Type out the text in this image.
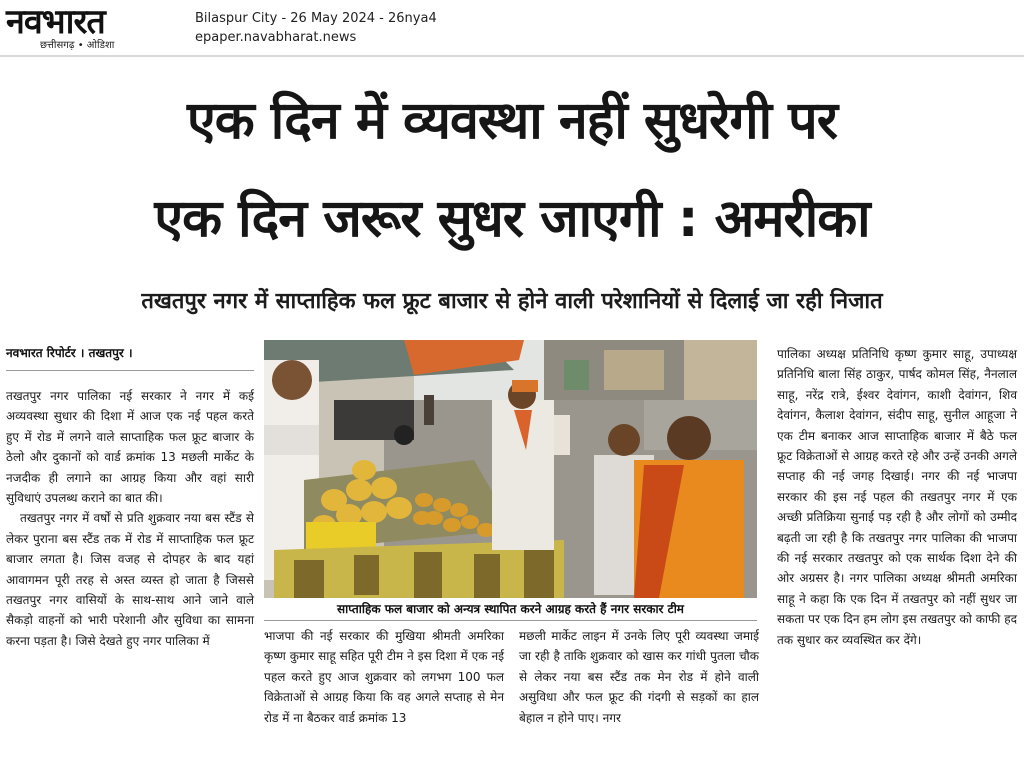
नवभारत
छत्तीसगढ़ • ओडिशा
Bilaspur City - 26 May 2024 - 26nya4
epaper.navabharat.news
एक दिन में व्यवस्था नहीं सुधरेगी पर
एक दिन जरूर सुधर जाएगी : अमरीका
तखतपुर नगर में साप्ताहिक फल फ्रूट बाजार से होने वाली परेशानियों से दिलाई जा रही निजात
नवभारत रिपोर्टर । तखतपुर ।

तखतपुर नगर पालिका नई सरकार ने नगर में कई अव्यवस्था सुधार की दिशा में आज एक नई पहल करते हुए में रोड में लगने वाले साप्ताहिक फल फ्रूट बाजार के ठेलो और दुकानों को वार्ड क्रमांक 13 मछली मार्केट के नजदीक ही लगाने का आग्रह किया और वहां सारी सुविधाएं उपलब्ध कराने का बात की।

तखतपुर नगर में वर्षों से प्रति शुक्रवार नया बस स्टैंड से लेकर पुराना बस स्टैंड तक में रोड में साप्ताहिक फल फ्रूट बाजार लगता है। जिस वजह से दोपहर के बाद यहां आवागमन पूरी तरह से अस्त व्यस्त हो जाता है जिससे तखतपुर नगर वासियों के साथ-साथ आने जाने वाले सैकड़ो वाहनों को भारी परेशानी और सुविधा का सामना करना पड़ता है। जिसे देखते हुए नगर पालिका में

साप्ताहिक फल बाजार को अन्यत्र स्थापित करने आग्रह करते हैं नगर सरकार टीम

भाजपा की नई सरकार की मुखिया श्रीमती अमरिका कृष्ण कुमार साहू सहित पूरी टीम ने इस दिशा में एक नई पहल करते हुए आज शुक्रवार को लगभग 100 फल विक्रेताओं से आग्रह किया कि वह अगले सप्ताह से मेन रोड में ना बैठकर वार्ड क्रमांक 13

मछली मार्केट लाइन में उनके लिए पूरी व्यवस्था जमाई जा रही है ताकि शुक्रवार को खास कर गांधी पुतला चौक से लेकर नया बस स्टैंड तक मेन रोड में होने वाली असुविधा और फल फ्रूट की गंदगी से सड़कों का हाल बेहाल न होने पाए। नगर

पालिका अध्यक्ष प्रतिनिधि कृष्ण कुमार साहू, उपाध्यक्ष प्रतिनिधि बाला सिंह ठाकुर, पार्षद कोमल सिंह, नैनलाल साहू, नरेंद्र रात्रे, ईश्वर देवांगन, काशी देवांगन, शिव देवांगन, कैलाश देवांगन, संदीप साहू, सुनील आहूजा ने एक टीम बनाकर आज साप्ताहिक बाजार में बैठे फल फ्रूट विक्रेताओं से आग्रह करते रहे और उन्हें उनकी अगले सप्ताह की नई जगह दिखाई। नगर की नई भाजपा सरकार की इस नई पहल की तखतपुर नगर में एक अच्छी प्रतिक्रिया सुनाई पड़ रही है और लोगों को उम्मीद बढ़ती जा रही है कि तखतपुर नगर पालिका की भाजपा की नई सरकार तखतपुर को एक सार्थक दिशा देने की ओर अग्रसर है। नगर पालिका अध्यक्ष श्रीमती अमरिका साहू ने कहा कि एक दिन में तखतपुर को नहीं सुधर जा सकता पर एक दिन हम लोग इस तखतपुर को काफी हद तक सुधार कर व्यवस्थित कर देंगे।
